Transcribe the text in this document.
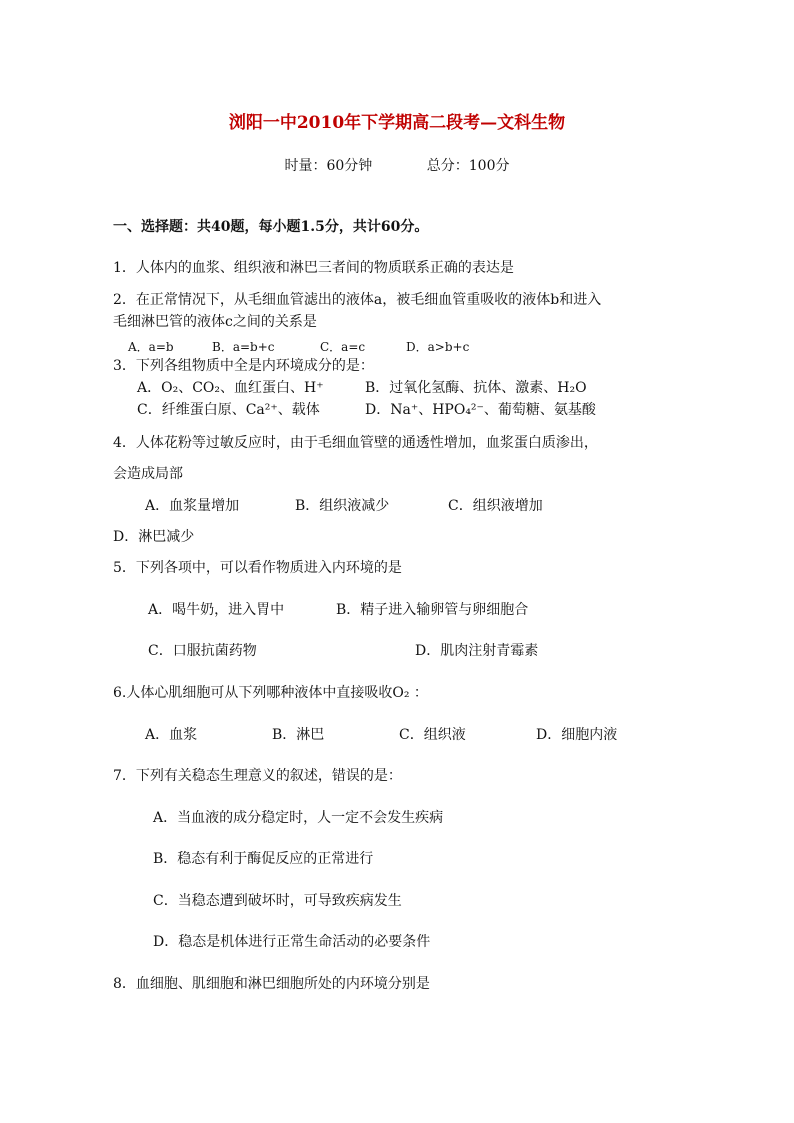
浏阳一中2010年下学期高二段考—文科生物
时量：60分钟	总分：100分
一、选择题：共40题，每小题1.5分，共计60分。
1．人体内的血浆、组织液和淋巴三者间的物质联系正确的表达是
2．在正常情况下，从毛细血管滤出的液体a，被毛细血管重吸收的液体b和进入
毛细淋巴管的液体c之间的关系是
A．a=b	B．a=b+c	C．a=c	D．a>b+c
3．下列各组物质中全是内环境成分的是：
A．O₂、CO₂、血红蛋白、H⁺	B．过氧化氢酶、抗体、激素、H₂O
C．纤维蛋白原、Ca²⁺、载体	D．Na⁺、HPO₄²⁻、葡萄糖、氨基酸
4．人体花粉等过敏反应时，由于毛细血管壁的通透性增加，血浆蛋白质渗出，
会造成局部
A．血浆量增加	B．组织液减少	C．组织液增加
D．淋巴减少
5．下列各项中，可以看作物质进入内环境的是
A．喝牛奶，进入胃中	B．精子进入输卵管与卵细胞合
C．口服抗菌药物	D．肌肉注射青霉素
6.人体心肌细胞可从下列哪种液体中直接吸收O₂ ：
A．血浆	B．淋巴	C．组织液	D．细胞内液
7．下列有关稳态生理意义的叙述，错误的是：
A．当血液的成分稳定时，人一定不会发生疾病
B．稳态有利于酶促反应的正常进行
C．当稳态遭到破坏时，可导致疾病发生
D．稳态是机体进行正常生命活动的必要条件
8．血细胞、肌细胞和淋巴细胞所处的内环境分别是
